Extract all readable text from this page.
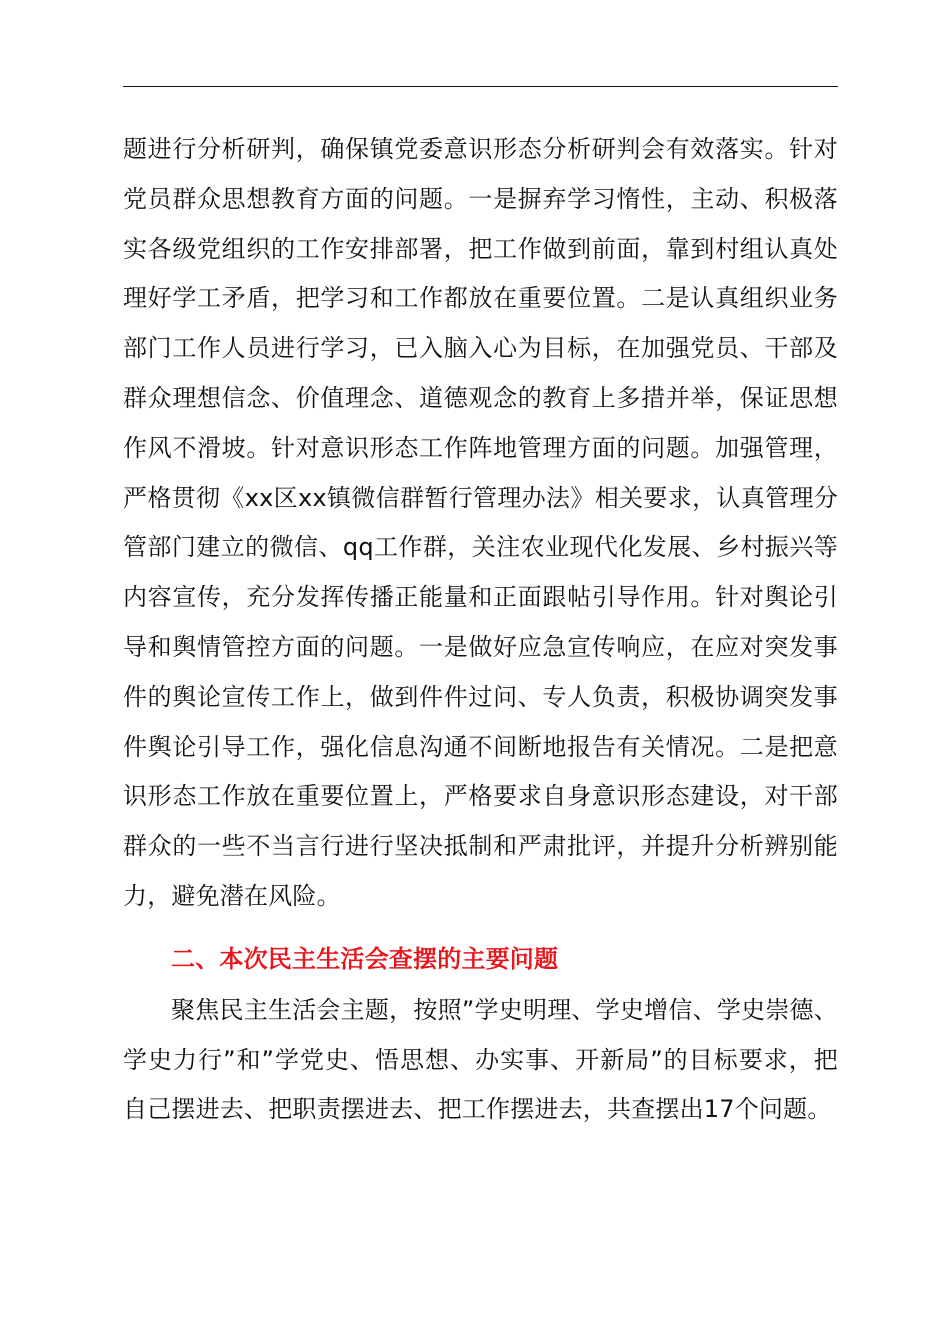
题进行分析研判，确保镇党委意识形态分析研判会有效落实。针对党员群众思想教育方面的问题。一是摒弃学习惰性，主动、积极落实各级党组织的工作安排部署，把工作做到前面，靠到村组认真处理好学工矛盾，把学习和工作都放在重要位置。二是认真组织业务部门工作人员进行学习，已入脑入心为目标，在加强党员、干部及群众理想信念、价值理念、道德观念的教育上多措并举，保证思想作风不滑坡。针对意识形态工作阵地管理方面的问题。加强管理，严格贯彻《xx区xx镇微信群暂行管理办法》相关要求，认真管理分管部门建立的微信、qq工作群，关注农业现代化发展、乡村振兴等内容宣传，充分发挥传播正能量和正面跟帖引导作用。针对舆论引导和舆情管控方面的问题。一是做好应急宣传响应，在应对突发事件的舆论宣传工作上，做到件件过问、专人负责，积极协调突发事件舆论引导工作，强化信息沟通不间断地报告有关情况。二是把意识形态工作放在重要位置上，严格要求自身意识形态建设，对干部群众的一些不当言行进行坚决抵制和严肃批评，并提升分析辨别能力，避免潜在风险。

二、本次民主生活会查摆的主要问题

聚焦民主生活会主题，按照”学史明理、学史增信、学史崇德、学史力行”和”学党史、悟思想、办实事、开新局”的目标要求，把自己摆进去、把职责摆进去、把工作摆进去，共查摆出17个问题。
